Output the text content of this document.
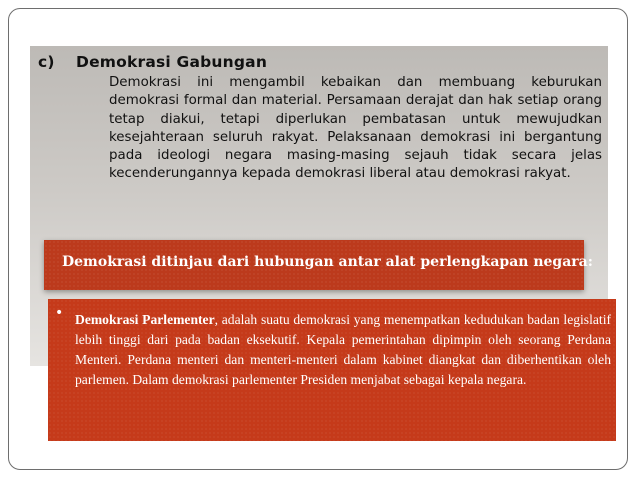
c) Demokrasi Gabungan
Demokrasi ini mengambil kebaikan dan membuang keburukan demokrasi formal dan material. Persamaan derajat dan hak setiap orang tetap diakui, tetapi diperlukan pembatasan untuk mewujudkan kesejahteraan seluruh rakyat. Pelaksanaan demokrasi ini bergantung pada ideologi negara masing-masing sejauh tidak secara jelas kecenderungannya kepada demokrasi liberal atau demokrasi rakyat.
Demokrasi ditinjau dari hubungan antar alat perlengkapan negara:
• Demokrasi Parlementer, adalah suatu demokrasi yang menempatkan kedudukan badan legislatif lebih tinggi dari pada badan eksekutif. Kepala pemerintahan dipimpin oleh seorang Perdana Menteri. Perdana menteri dan menteri-menteri dalam kabinet diangkat dan diberhentikan oleh parlemen. Dalam demokrasi parlementer Presiden menjabat sebagai kepala negara.
